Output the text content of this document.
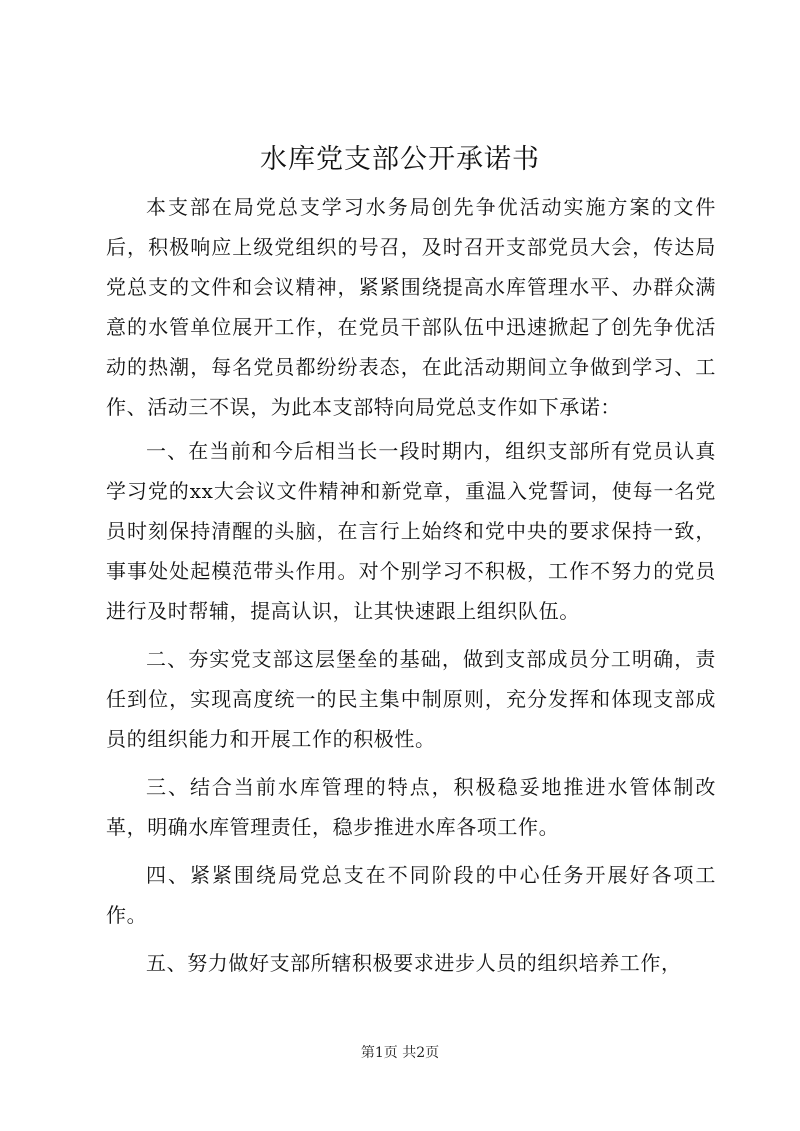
水库党支部公开承诺书

本支部在局党总支学习水务局创先争优活动实施方案的文件后，积极响应上级党组织的号召，及时召开支部党员大会，传达局党总支的文件和会议精神，紧紧围绕提高水库管理水平、办群众满意的水管单位展开工作，在党员干部队伍中迅速掀起了创先争优活动的热潮，每名党员都纷纷表态，在此活动期间立争做到学习、工作、活动三不误，为此本支部特向局党总支作如下承诺：

一、在当前和今后相当长一段时期内，组织支部所有党员认真学习党的xx大会议文件精神和新党章，重温入党誓词，使每一名党员时刻保持清醒的头脑，在言行上始终和党中央的要求保持一致，事事处处起模范带头作用。对个别学习不积极，工作不努力的党员进行及时帮辅，提高认识，让其快速跟上组织队伍。

二、夯实党支部这层堡垒的基础，做到支部成员分工明确，责任到位，实现高度统一的民主集中制原则，充分发挥和体现支部成员的组织能力和开展工作的积极性。

三、结合当前水库管理的特点，积极稳妥地推进水管体制改革，明确水库管理责任，稳步推进水库各项工作。

四、紧紧围绕局党总支在不同阶段的中心任务开展好各项工作。

五、努力做好支部所辖积极要求进步人员的组织培养工作，

第1页 共2页
